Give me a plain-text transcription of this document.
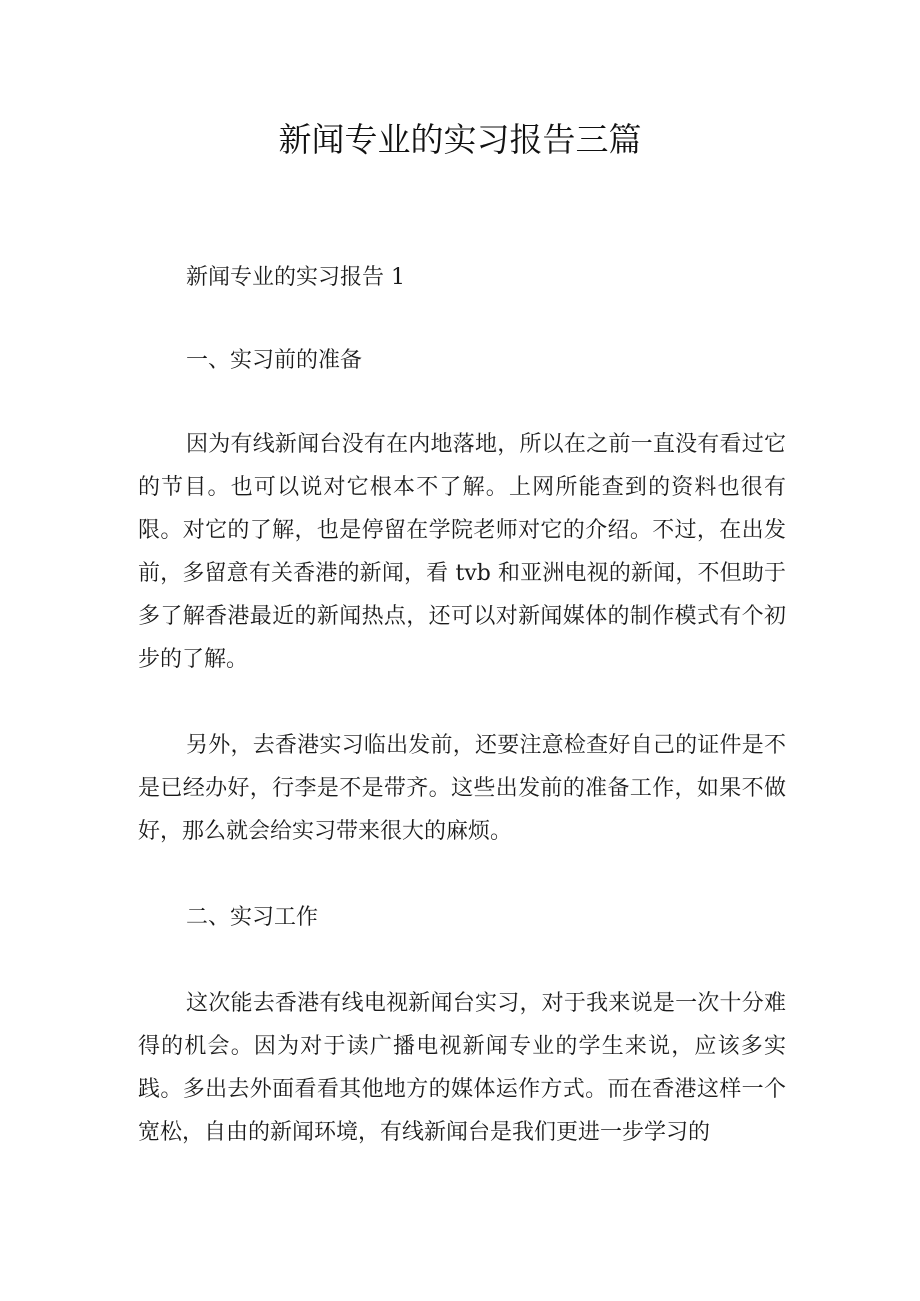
新闻专业的实习报告三篇
新闻专业的实习报告 1
一、实习前的准备
因为有线新闻台没有在内地落地，所以在之前一直没有看过它的节目。也可以说对它根本不了解。上网所能查到的资料也很有限。对它的了解，也是停留在学院老师对它的介绍。不过，在出发前，多留意有关香港的新闻，看 tvb 和亚洲电视的新闻，不但助于多了解香港最近的新闻热点，还可以对新闻媒体的制作模式有个初步的了解。
另外，去香港实习临出发前，还要注意检查好自己的证件是不是已经办好，行李是不是带齐。这些出发前的准备工作，如果不做好，那么就会给实习带来很大的麻烦。
二、实习工作
这次能去香港有线电视新闻台实习，对于我来说是一次十分难得的机会。因为对于读广播电视新闻专业的学生来说，应该多实践。多出去外面看看其他地方的媒体运作方式。而在香港这样一个宽松，自由的新闻环境，有线新闻台是我们更进一步学习的
